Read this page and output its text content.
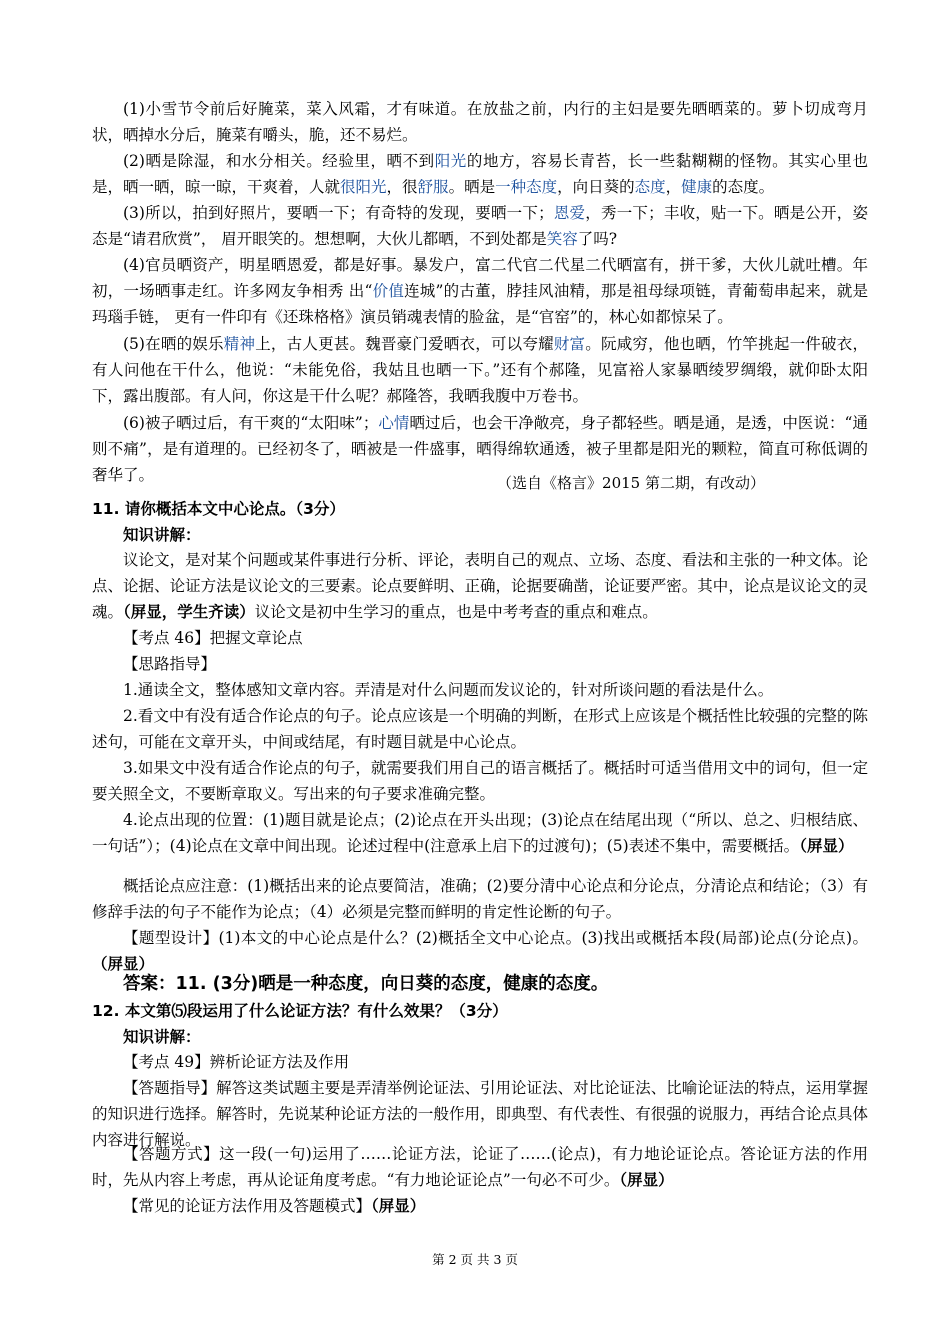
(1)小雪节令前后好腌菜，菜入风霜，才有味道。在放盐之前，内行的主妇是要先晒晒菜的。萝卜切成弯月状，晒掉水分后，腌菜有嚼头，脆，还不易烂。

(2)晒是除湿，和水分相关。经验里，晒不到阳光的地方，容易长青苔，长一些黏糊糊的怪物。其实心里也是，晒一晒，晾一晾，干爽着，人就很阳光，很舒服。晒是一种态度，向日葵的态度，健康的态度。

(3)所以，拍到好照片，要晒一下；有奇特的发现，要晒一下；恩爱，秀一下；丰收，贴一下。晒是公开，姿态是“请君欣赏”， 眉开眼笑的。想想啊，大伙儿都晒，不到处都是笑容了吗?

(4)官员晒资产，明星晒恩爱，都是好事。暴发户，富二代官二代星二代晒富有，拼干爹，大伙儿就吐槽。年初，一场晒事走红。许多网友争相秀 出“价值连城”的古董，脖挂风油精，那是祖母绿项链，青葡萄串起来，就是玛瑙手链， 更有一件印有《还珠格格》演员销魂表情的脸盆，是“官窑”的，林心如都惊呆了。

(5)在晒的娱乐精神上，古人更甚。魏晋豪门爱晒衣，可以夸耀财富。阮咸穷，他也晒，竹竿挑起一件破衣，有人问他在干什么，他说：“未能免俗，我姑且也晒一下。”还有个郝隆，见富裕人家暴晒绫罗绸缎，就仰卧太阳下，露出腹部。有人问，你这是干什么呢？郝隆答，我晒我腹中万卷书。

(6)被子晒过后，有干爽的“太阳味”；心情晒过后，也会干净敞亮，身子都轻些。晒是通，是透，中医说：“通则不痛”，是有道理的。已经初冬了，晒被是一件盛事，晒得绵软通透，被子里都是阳光的颗粒，简直可称低调的奢华了。	（选自《格言》2015 第二期，有改动）

11. 请你概括本文中心论点。（3分）

知识讲解：

议论文，是对某个问题或某件事进行分析、评论，表明自己的观点、立场、态度、看法和主张的一种文体。论点、论据、论证方法是议论文的三要素。论点要鲜明、正确，论据要确凿，论证要严密。其中，论点是议论文的灵魂。（屏显，学生齐读）议论文是初中生学习的重点，也是中考考查的重点和难点。

【考点 46】把握文章论点

【思路指导】

1.通读全文，整体感知文章内容。弄清是对什么问题而发议论的，针对所谈问题的看法是什么。

2.看文中有没有适合作论点的句子。论点应该是一个明确的判断，在形式上应该是个概括性比较强的完整的陈述句，可能在文章开头，中间或结尾，有时题目就是中心论点。

3.如果文中没有适合作论点的句子，就需要我们用自己的语言概括了。概括时可适当借用文中的词句，但一定要关照全文，不要断章取义。写出来的句子要求准确完整。

4.论点出现的位置：(1)题目就是论点；(2)论点在开头出现；(3)论点在结尾出现（“所以、总之、归根结底、一句话”）；(4)论点在文章中间出现。论述过程中(注意承上启下的过渡句)；(5)表述不集中，需要概括。（屏显）

概括论点应注意：(1)概括出来的论点要简洁，准确；(2)要分清中心论点和分论点，分清论点和结论；（3）有修辞手法的句子不能作为论点；（4）必须是完整而鲜明的肯定性论断的句子。

【题型设计】(1)本文的中心论点是什么？(2)概括全文中心论点。(3)找出或概括本段(局部)论点(分论点)。（屏显）

答案：11. (3分)晒是一种态度，向日葵的态度，健康的态度。

12. 本文第⑸段运用了什么论证方法？有什么效果？（3分）

知识讲解：

【考点 49】辨析论证方法及作用

【答题指导】解答这类试题主要是弄清举例论证法、引用论证法、对比论证法、比喻论证法的特点，运用掌握的知识进行选择。解答时，先说某种论证方法的一般作用，即典型、有代表性、有很强的说服力，再结合论点具体内容进行解说。

【答题方式】这一段(一句)运用了……论证方法，论证了……(论点)，有力地论证论点。答论证方法的作用时，先从内容上考虑，再从论证角度考虑。“有力地论证论点”一句必不可少。（屏显）

【常见的论证方法作用及答题模式】（屏显）

第 2 页 共 3 页
